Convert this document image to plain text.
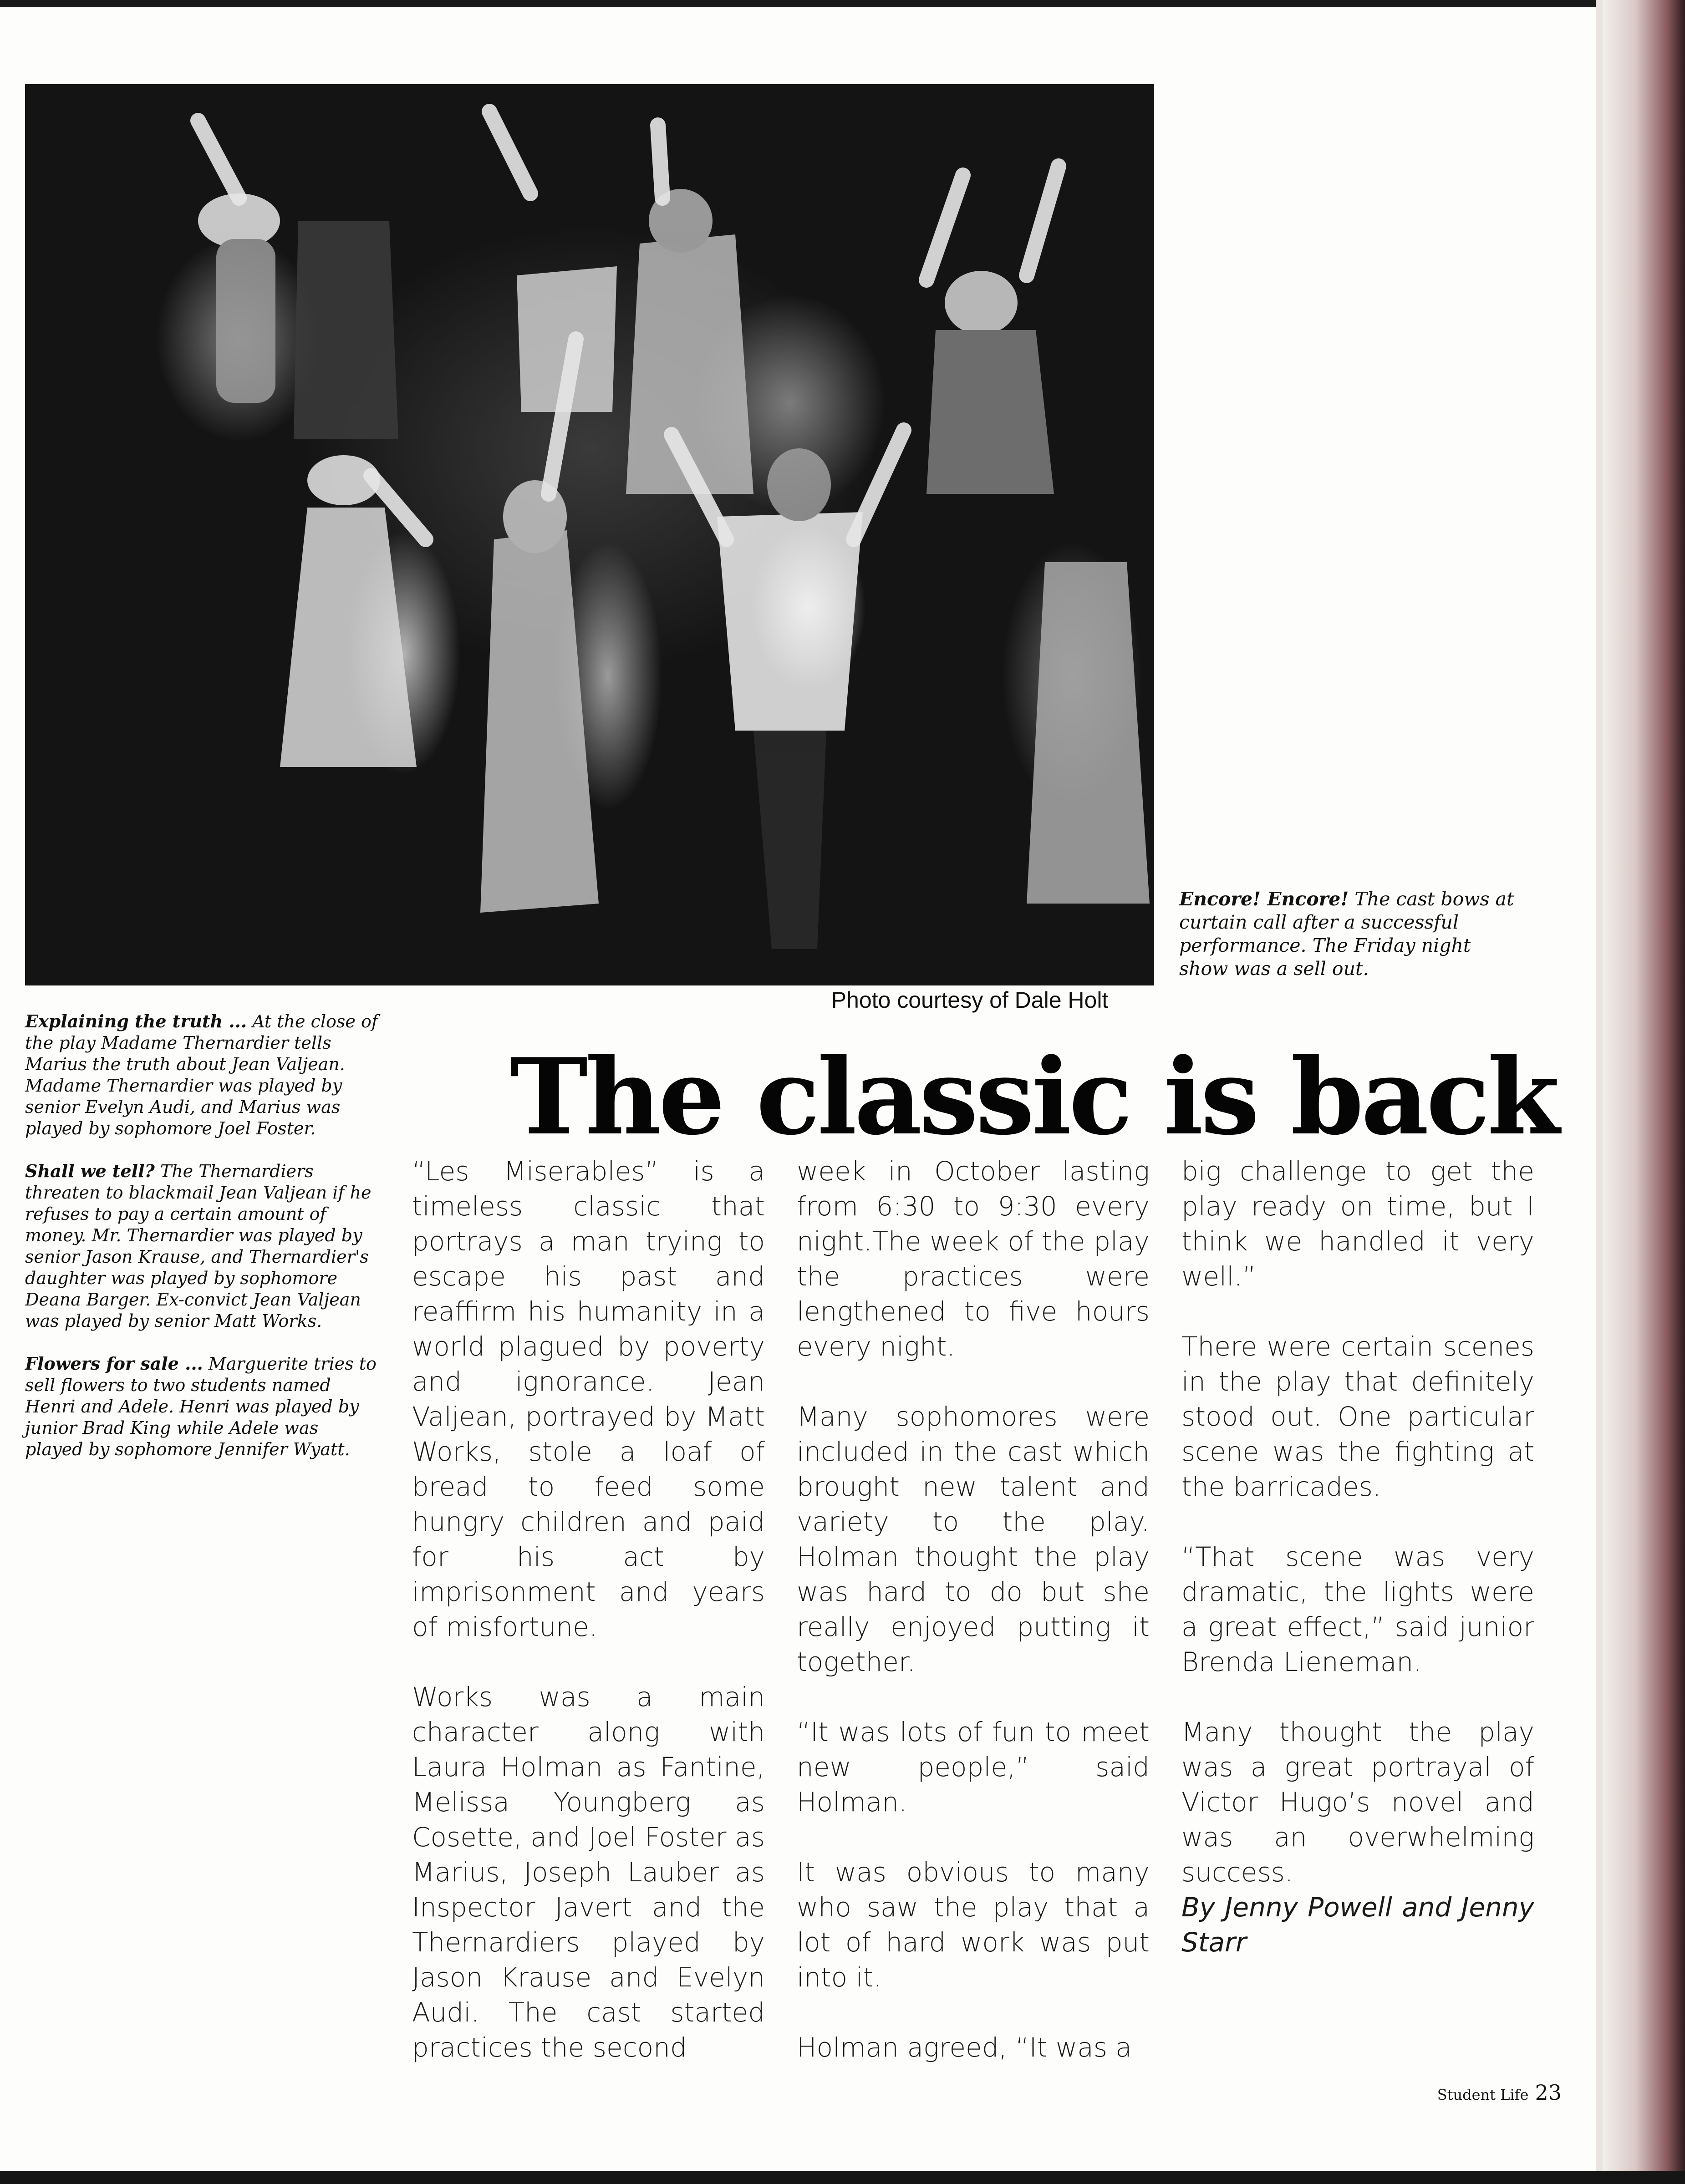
Photo courtesy of Dale Holt
Encore! Encore! The cast bows at curtain call after a successful performance. The Friday night show was a sell out.
Explaining the truth ... At the close of the play Madame Thernardier tells Marius the truth about Jean Valjean. Madame Thernardier was played by senior Evelyn Audi, and Marius was played by sophomore Joel Foster.
Shall we tell? The Thernardiers threaten to blackmail Jean Valjean if he refuses to pay a certain amount of money. Mr. Thernardier was played by senior Jason Krause, and Thernardier's daughter was played by sophomore Deana Barger. Ex-convict Jean Valjean was played by senior Matt Works.
Flowers for sale ... Marguerite tries to sell flowers to two students named Henri and Adele. Henri was played by junior Brad King while Adele was played by sophomore Jennifer Wyatt.
The classic is back

“Les Miserables” is a timeless classic that portrays a man trying to escape his past and reaffirm his humanity in a world plagued by poverty and ignorance. Jean Valjean, portrayed by Matt Works, stole a loaf of bread to feed some hungry children and paid for his act by imprisonment and years of misfortune.

Works was a main character along with Laura Holman as Fantine, Melissa Youngberg as Cosette, and Joel Foster as Marius, Joseph Lauber as Inspector Javert and the Thernardiers played by Jason Krause and Evelyn Audi. The cast started practices the second

week in October lasting from 6:30 to 9:30 every night.The week of the play the practices were lengthened to five hours every night.

Many sophomores were included in the cast which brought new talent and variety to the play. Holman thought the play was hard to do but she really enjoyed putting it together.

“It was lots of fun to meet new people,” said Holman.

It was obvious to many who saw the play that a lot of hard work was put into it.

Holman agreed, “It was a

big challenge to get the play ready on time, but I think we handled it very well.”

There were certain scenes in the play that definitely stood out. One particular scene was the fighting at the barricades.

“That scene was very dramatic, the lights were a great effect,” said junior Brenda Lieneman.

Many thought the play was a great portrayal of Victor Hugo’s novel and was an overwhelming success.

By Jenny Powell and Jenny Starr

Student Life 23
